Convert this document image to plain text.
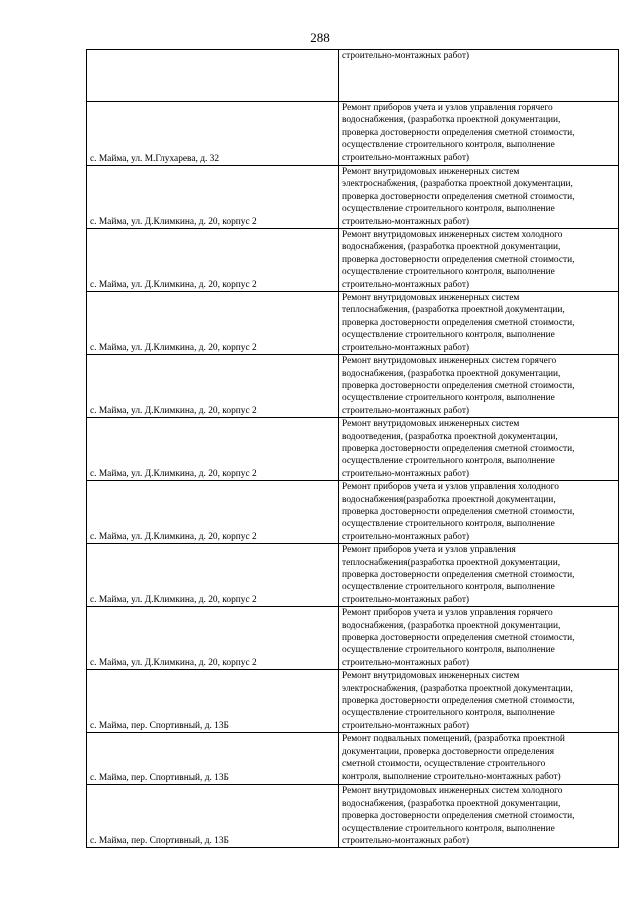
288
	строительно-монтажных работ)
с. Майма, ул. М.Глухарева, д. 32	Ремонт приборов учета и узлов управления горячего
водоснабжения, (разработка проектной документации,
проверка достоверности определения сметной стоимости,
осуществление строительного контроля, выполнение
строительно-монтажных работ)
с. Майма, ул. Д.Климкина, д. 20, корпус 2	Ремонт внутридомовых инженерных систем
электроснабжения, (разработка проектной документации,
проверка достоверности определения сметной стоимости,
осуществление строительного контроля, выполнение
строительно-монтажных работ)
с. Майма, ул. Д.Климкина, д. 20, корпус 2	Ремонт внутридомовых инженерных систем холодного
водоснабжения, (разработка проектной документации,
проверка достоверности определения сметной стоимости,
осуществление строительного контроля, выполнение
строительно-монтажных работ)
с. Майма, ул. Д.Климкина, д. 20, корпус 2	Ремонт внутридомовых инженерных систем
теплоснабжения, (разработка проектной документации,
проверка достоверности определения сметной стоимости,
осуществление строительного контроля, выполнение
строительно-монтажных работ)
с. Майма, ул. Д.Климкина, д. 20, корпус 2	Ремонт внутридомовых инженерных систем горячего
водоснабжения, (разработка проектной документации,
проверка достоверности определения сметной стоимости,
осуществление строительного контроля, выполнение
строительно-монтажных работ)
с. Майма, ул. Д.Климкина, д. 20, корпус 2	Ремонт внутридомовых инженерных систем
водоотведения, (разработка проектной документации,
проверка достоверности определения сметной стоимости,
осуществление строительного контроля, выполнение
строительно-монтажных работ)
с. Майма, ул. Д.Климкина, д. 20, корпус 2	Ремонт приборов учета и узлов управления холодного
водоснабжения(разработка проектной документации,
проверка достоверности определения сметной стоимости,
осуществление строительного контроля, выполнение
строительно-монтажных работ)
с. Майма, ул. Д.Климкина, д. 20, корпус 2	Ремонт приборов учета и узлов управления
теплоснабжения(разработка проектной документации,
проверка достоверности определения сметной стоимости,
осуществление строительного контроля, выполнение
строительно-монтажных работ)
с. Майма, ул. Д.Климкина, д. 20, корпус 2	Ремонт приборов учета и узлов управления горячего
водоснабжения, (разработка проектной документации,
проверка достоверности определения сметной стоимости,
осуществление строительного контроля, выполнение
строительно-монтажных работ)
с. Майма, пер. Спортивный, д. 13Б	Ремонт внутридомовых инженерных систем
электроснабжения, (разработка проектной документации,
проверка достоверности определения сметной стоимости,
осуществление строительного контроля, выполнение
строительно-монтажных работ)
с. Майма, пер. Спортивный, д. 13Б	Ремонт подвальных помещений, (разработка проектной
документации, проверка достоверности определения
сметной стоимости, осуществление строительного
контроля, выполнение строительно-монтажных работ)
с. Майма, пер. Спортивный, д. 13Б	Ремонт внутридомовых инженерных систем холодного
водоснабжения, (разработка проектной документации,
проверка достоверности определения сметной стоимости,
осуществление строительного контроля, выполнение
строительно-монтажных работ)
